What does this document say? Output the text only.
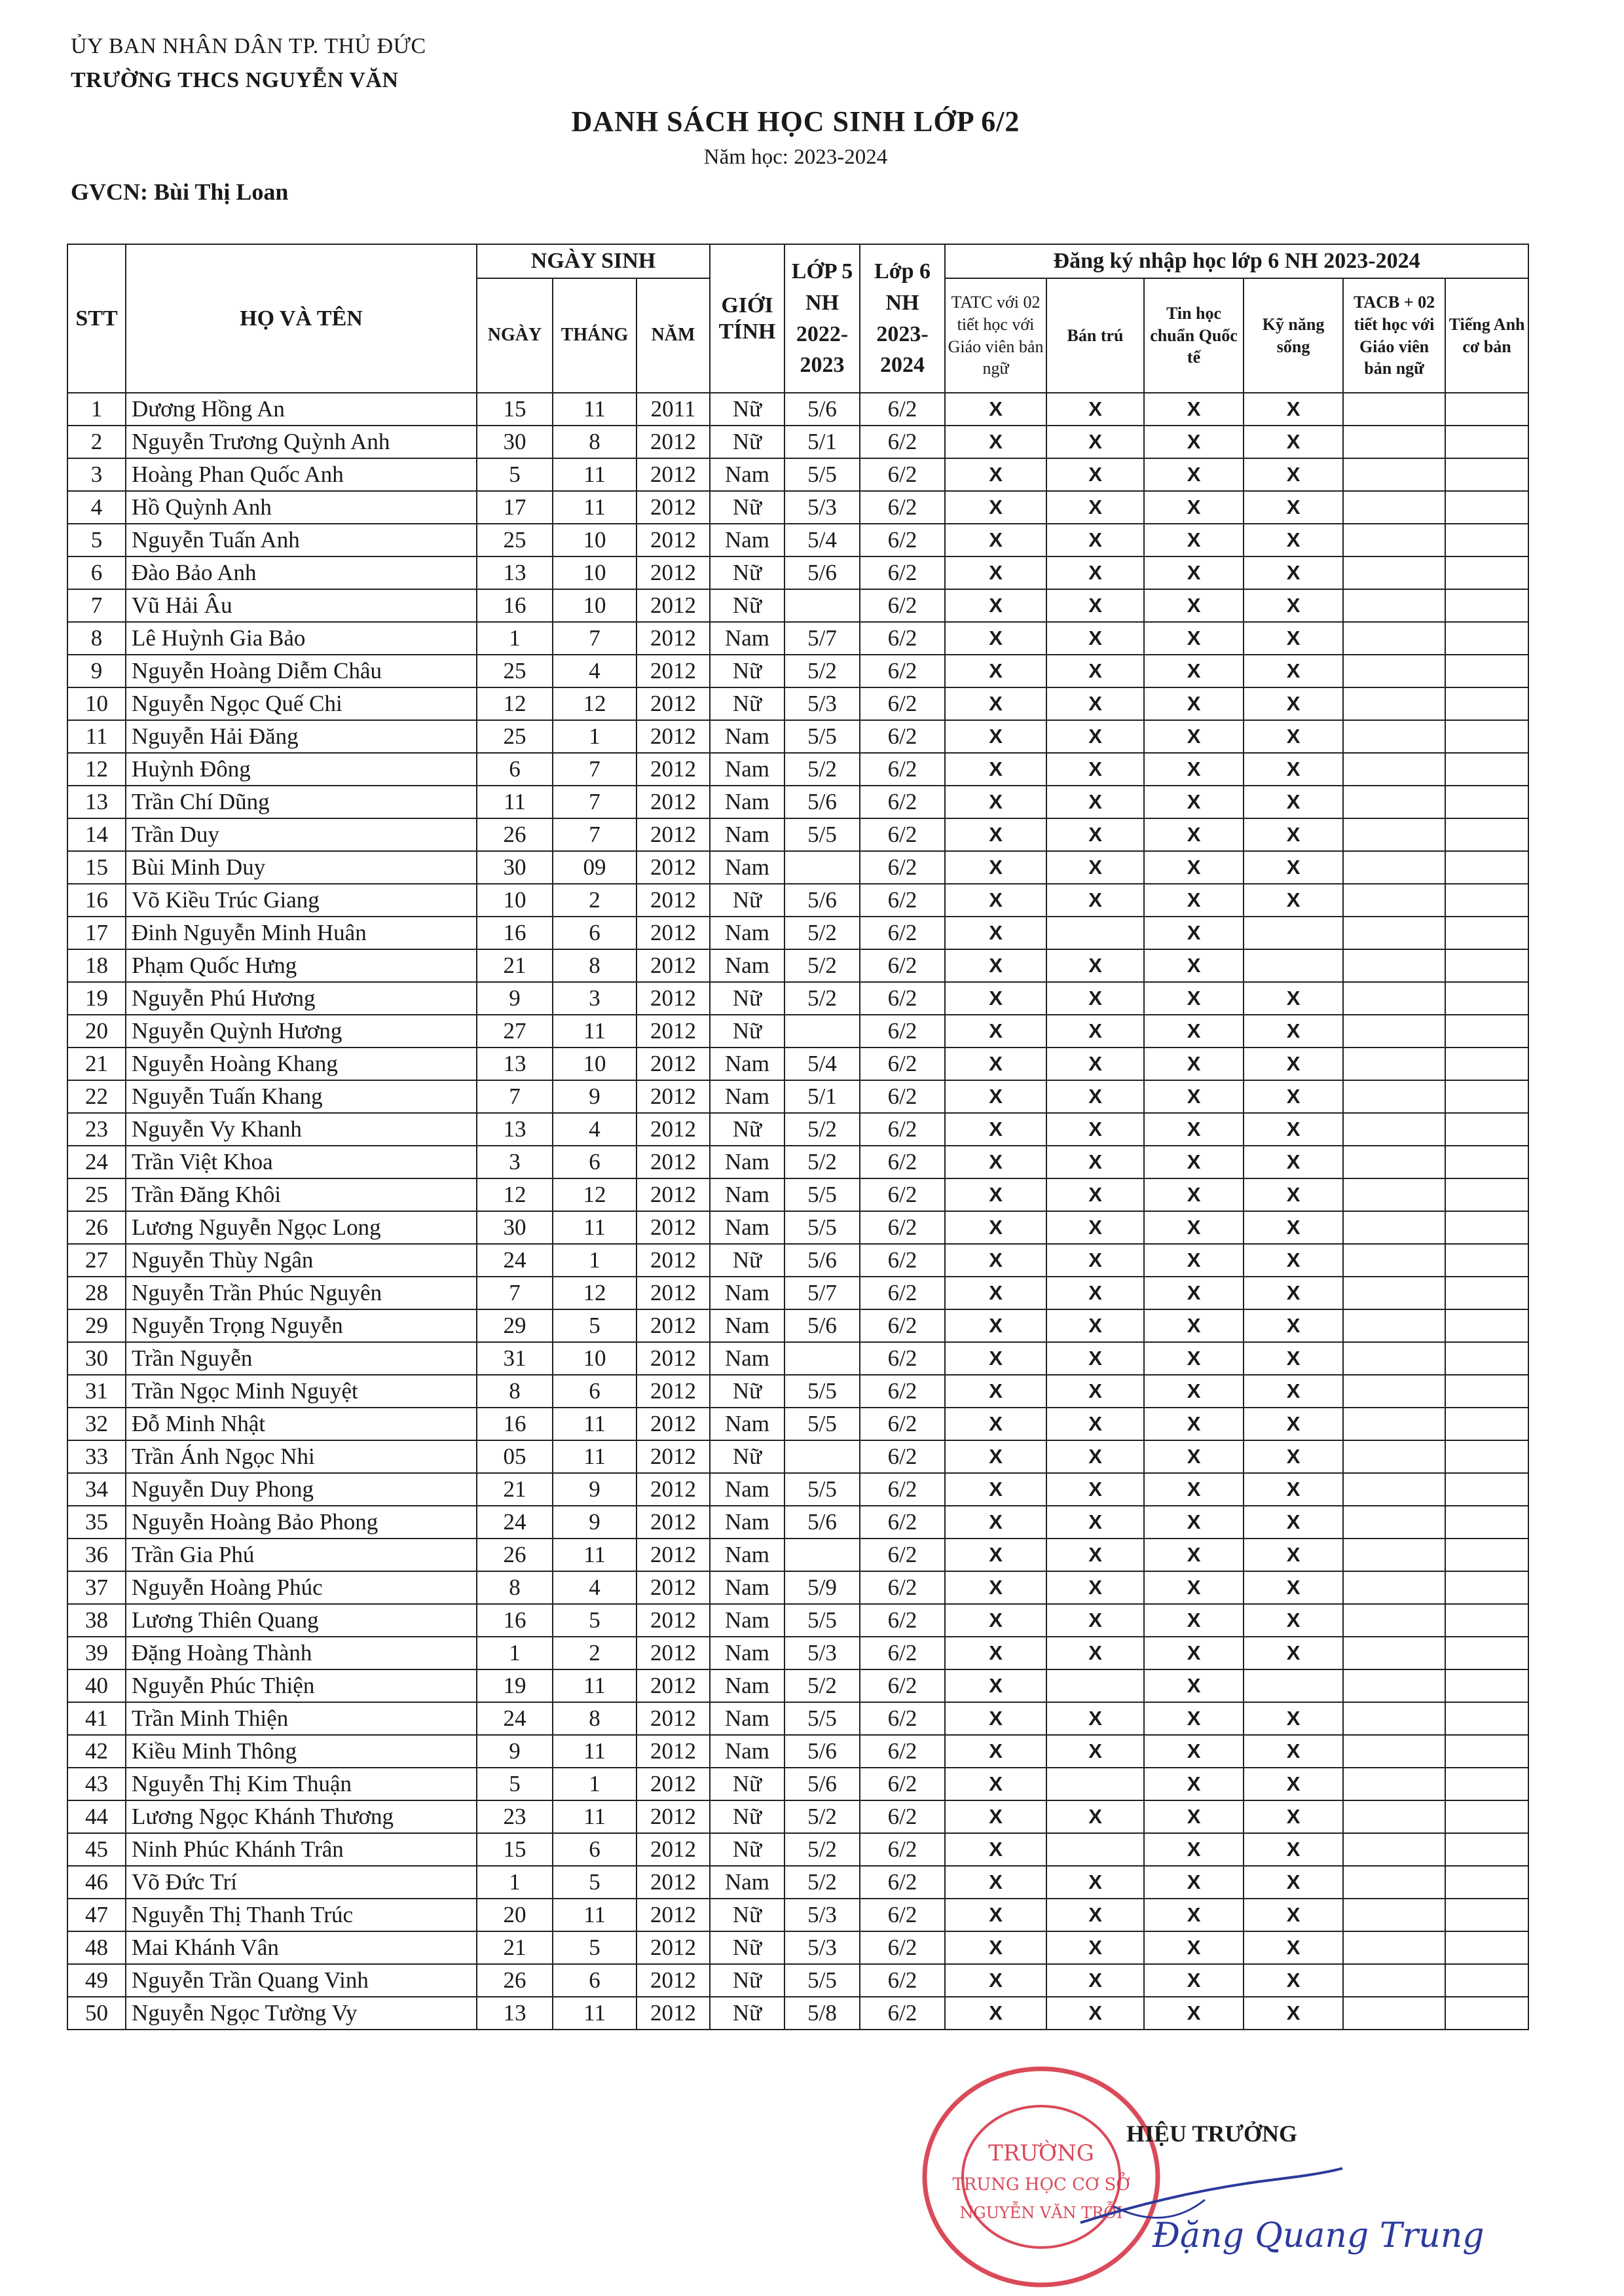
ỦY BAN NHÂN DÂN TP. THỦ ĐỨC
TRƯỜNG THCS NGUYỄN VĂN
DANH SÁCH HỌC SINH LỚP 6/2
Năm học: 2023-2024
GVCN: Bùi Thị Loan
STT	HỌ VÀ TÊN	NGÀY SINH			GIỚI TÍNH	LỚP 5 NH 2022-2023	Lớp 6 NH 2023-2024	Đăng ký nhập học lớp 6 NH 2023-2024					
		NGÀY	THÁNG	NĂM				TATC với 02 tiết học với Giáo viên bản ngữ	Bán trú	Tin học chuẩn Quốc tế	Kỹ năng sống	TACB + 02 tiết học với Giáo viên bản ngữ	Tiếng Anh cơ bản

1	Dương Hồng An	15	11	2011	Nữ	5/6	6/2	X	X	X	X		
2	Nguyễn Trương Quỳnh Anh	30	8	2012	Nữ	5/1	6/2	X	X	X	X		
3	Hoàng Phan Quốc Anh	5	11	2012	Nam	5/5	6/2	X	X	X	X		
4	Hồ Quỳnh Anh	17	11	2012	Nữ	5/3	6/2	X	X	X	X		
5	Nguyễn Tuấn Anh	25	10	2012	Nam	5/4	6/2	X	X	X	X		
6	Đào Bảo Anh	13	10	2012	Nữ	5/6	6/2	X	X	X	X		
7	Vũ Hải Âu	16	10	2012	Nữ		6/2	X	X	X	X		
8	Lê Huỳnh Gia Bảo	1	7	2012	Nam	5/7	6/2	X	X	X	X		
9	Nguyễn Hoàng Diễm Châu	25	4	2012	Nữ	5/2	6/2	X	X	X	X		
10	Nguyễn Ngọc Quế Chi	12	12	2012	Nữ	5/3	6/2	X	X	X	X		
11	Nguyễn Hải Đăng	25	1	2012	Nam	5/5	6/2	X	X	X	X		
12	Huỳnh Đông	6	7	2012	Nam	5/2	6/2	X	X	X	X		
13	Trần Chí Dũng	11	7	2012	Nam	5/6	6/2	X	X	X	X		
14	Trần Duy	26	7	2012	Nam	5/5	6/2	X	X	X	X		
15	Bùi Minh Duy	30	09	2012	Nam		6/2	X	X	X	X		
16	Võ Kiều Trúc Giang	10	2	2012	Nữ	5/6	6/2	X	X	X	X		
17	Đinh Nguyễn Minh Huân	16	6	2012	Nam	5/2	6/2	X		X			
18	Phạm Quốc Hưng	21	8	2012	Nam	5/2	6/2	X	X	X			
19	Nguyễn Phú Hương	9	3	2012	Nữ	5/2	6/2	X	X	X	X		
20	Nguyễn Quỳnh Hương	27	11	2012	Nữ		6/2	X	X	X	X		
21	Nguyễn Hoàng Khang	13	10	2012	Nam	5/4	6/2	X	X	X	X		
22	Nguyễn Tuấn Khang	7	9	2012	Nam	5/1	6/2	X	X	X	X		
23	Nguyễn Vy Khanh	13	4	2012	Nữ	5/2	6/2	X	X	X	X		
24	Trần Việt Khoa	3	6	2012	Nam	5/2	6/2	X	X	X	X		
25	Trần Đăng Khôi	12	12	2012	Nam	5/5	6/2	X	X	X	X		
26	Lương Nguyễn Ngọc Long	30	11	2012	Nam	5/5	6/2	X	X	X	X		
27	Nguyễn Thùy Ngân	24	1	2012	Nữ	5/6	6/2	X	X	X	X		
28	Nguyễn Trần Phúc Nguyên	7	12	2012	Nam	5/7	6/2	X	X	X	X		
29	Nguyễn Trọng Nguyễn	29	5	2012	Nam	5/6	6/2	X	X	X	X		
30	Trần Nguyễn	31	10	2012	Nam		6/2	X	X	X	X		
31	Trần Ngọc Minh Nguyệt	8	6	2012	Nữ	5/5	6/2	X	X	X	X		
32	Đỗ Minh Nhật	16	11	2012	Nam	5/5	6/2	X	X	X	X		
33	Trần Ánh Ngọc Nhi	05	11	2012	Nữ		6/2	X	X	X	X		
34	Nguyễn Duy Phong	21	9	2012	Nam	5/5	6/2	X	X	X	X		
35	Nguyễn Hoàng Bảo Phong	24	9	2012	Nam	5/6	6/2	X	X	X	X		
36	Trần Gia Phú	26	11	2012	Nam		6/2	X	X	X	X		
37	Nguyễn Hoàng Phúc	8	4	2012	Nam	5/9	6/2	X	X	X	X		
38	Lương Thiên Quang	16	5	2012	Nam	5/5	6/2	X	X	X	X		
39	Đặng Hoàng Thành	1	2	2012	Nam	5/3	6/2	X	X	X	X		
40	Nguyễn Phúc Thiện	19	11	2012	Nam	5/2	6/2	X		X			
41	Trần Minh Thiện	24	8	2012	Nam	5/5	6/2	X	X	X	X		
42	Kiều Minh Thông	9	11	2012	Nam	5/6	6/2	X	X	X	X		
43	Nguyễn Thị Kim Thuận	5	1	2012	Nữ	5/6	6/2	X		X	X		
44	Lương Ngọc Khánh Thương	23	11	2012	Nữ	5/2	6/2	X	X	X	X		
45	Ninh Phúc Khánh Trân	15	6	2012	Nữ	5/2	6/2	X		X	X		
46	Võ Đức Trí	1	5	2012	Nam	5/2	6/2	X	X	X	X		
47	Nguyễn Thị Thanh Trúc	20	11	2012	Nữ	5/3	6/2	X	X	X	X		
48	Mai Khánh Vân	21	5	2012	Nữ	5/3	6/2	X	X	X	X		
49	Nguyễn Trần Quang Vinh	26	6	2012	Nữ	5/5	6/2	X	X	X	X		
50	Nguyễn Ngọc Tường Vy	13	11	2012	Nữ	5/8	6/2	X	X	X	X		
TRƯỜNG
TRUNG HỌC CƠ SỞ
NGUYỄN VĂN TRỖI
HIỆU TRƯỞNG
Đặng Quang Trung
